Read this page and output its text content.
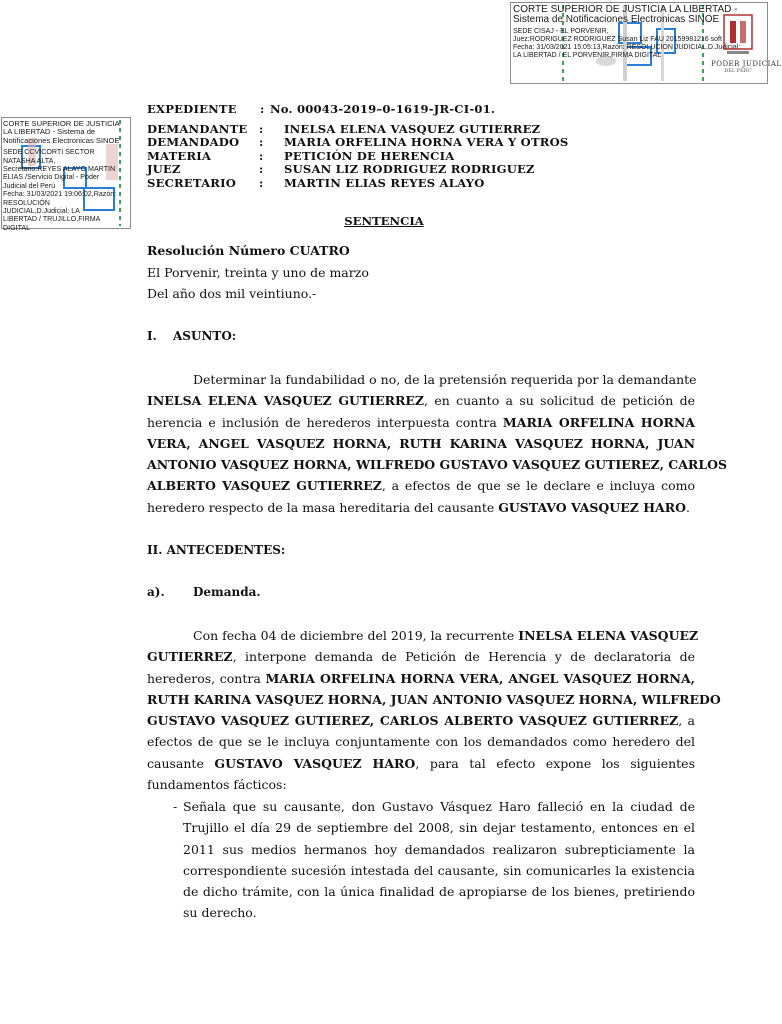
CORTE SUPERIOR DE JUSTICIA LA LIBERTAD -
Sistema de Notificaciones Electronicas SINOE
SEDE CISAJ - EL PORVENIR,
Juez:RODRIGUEZ RODRIGUEZ Susan Liz FAU 20159981216 soft
Fecha: 31/03/2021 15:05:13,Razón: RESOLUCIÓN JUDICIAL,D.Judicial:
LA LIBERTAD / EL PORVENIR,FIRMA DIGITAL
PODER JUDICIAL
DEL PERÚ
CORTE SUPERIOR DE JUSTICIA
LA LIBERTAD - Sistema de
Notificaciones Electronicas SINOE
SEDE CCVICORTI SECTOR
NATASHA ALTA,
Secretario:REYES ALAYO MARTIN
ELIAS /Servicio Digital - Poder
Judicial del Perú
Fecha: 31/03/2021 19:06:02,Razón:
RESOLUCIÓN
JUDICIAL,D.Judicial: LA
LIBERTAD / TRUJILLO,FIRMA
DIGITAL
EXPEDIENTE : No. 00043-2019–0-1619-JR-CI-01.
DEMANDANTE : INELSA ELENA VASQUEZ GUTIERREZ
DEMANDADO : MARIA ORFELINA HORNA VERA Y OTROS
MATERIA	: PETICIÓN DE HERENCIA
JUEZ	: SUSAN LIZ RODRIGUEZ RODRIGUEZ
SECRETARIO : MARTIN ELIAS REYES ALAYO
SENTENCIA
Resolución Número CUATRO
El Porvenir, treinta y uno de marzo
Del año dos mil veintiuno.-
I. ASUNTO:
Determinar la fundabilidad o no, de la pretensión requerida por la demandante
INELSA ELENA VASQUEZ GUTIERREZ, en cuanto a su solicitud de petición de
herencia e inclusión de herederos interpuesta contra MARIA ORFELINA HORNA
VERA, ANGEL VASQUEZ HORNA, RUTH KARINA VASQUEZ HORNA, JUAN
ANTONIO VASQUEZ HORNA, WILFREDO GUSTAVO VASQUEZ GUTIEREZ, CARLOS
ALBERTO VASQUEZ GUTIERREZ, a efectos de que se le declare e incluya como
heredero respecto de la masa hereditaria del causante GUSTAVO VASQUEZ HARO.
II. ANTECEDENTES:
a). Demanda.
Con fecha 04 de diciembre del 2019, la recurrente INELSA ELENA VASQUEZ
GUTIERREZ, interpone demanda de Petición de Herencia y de declaratoria de
herederos, contra MARIA ORFELINA HORNA VERA, ANGEL VASQUEZ HORNA,
RUTH KARINA VASQUEZ HORNA, JUAN ANTONIO VASQUEZ HORNA, WILFREDO
GUSTAVO VASQUEZ GUTIEREZ, CARLOS ALBERTO VASQUEZ GUTIERREZ, a
efectos de que se le incluya conjuntamente con los demandados como heredero del
causante GUSTAVO VASQUEZ HARO, para tal efecto expone los siguientes
fundamentos fácticos:
- Señala que su causante, don Gustavo Vásquez Haro falleció en la ciudad de
Trujillo el día 29 de septiembre del 2008, sin dejar testamento, entonces en el
2011 sus medios hermanos hoy demandados realizaron subrepticiamente la
correspondiente sucesión intestada del causante, sin comunicarles la existencia
de dicho trámite, con la única finalidad de apropiarse de los bienes, pretiriendo
su derecho.
